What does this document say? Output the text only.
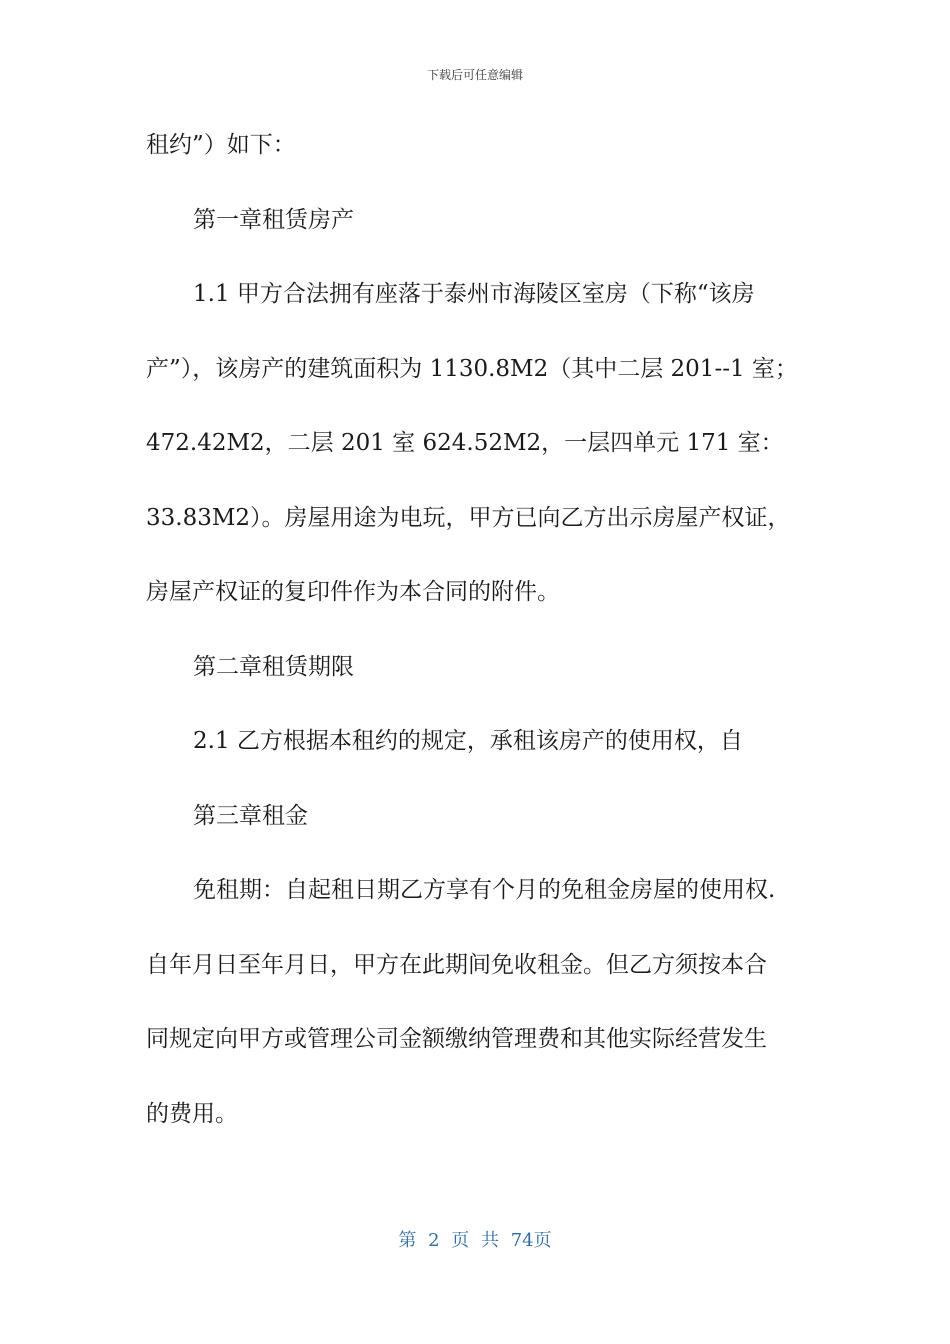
下载后可任意编辑
租约”）如下：
第一章租赁房产
1.1 甲方合法拥有座落于泰州市海陵区室房（下称“该房
产”），该房产的建筑面积为 1130.8M2（其中二层 201--1 室；
472.42M2，二层 201 室 624.52M2，一层四单元 171 室：
33.83M2）。房屋用途为电玩，甲方已向乙方出示房屋产权证，
房屋产权证的复印件作为本合同的附件。
第二章租赁期限
2.1 乙方根据本租约的规定，承租该房产的使用权，自
第三章租金
免租期：自起租日期乙方享有个月的免租金房屋的使用权.
自年月日至年月日，甲方在此期间免收租金。但乙方须按本合
同规定向甲方或管理公司金额缴纳管理费和其他实际经营发生
的费用。
第 2 页 共 74页
